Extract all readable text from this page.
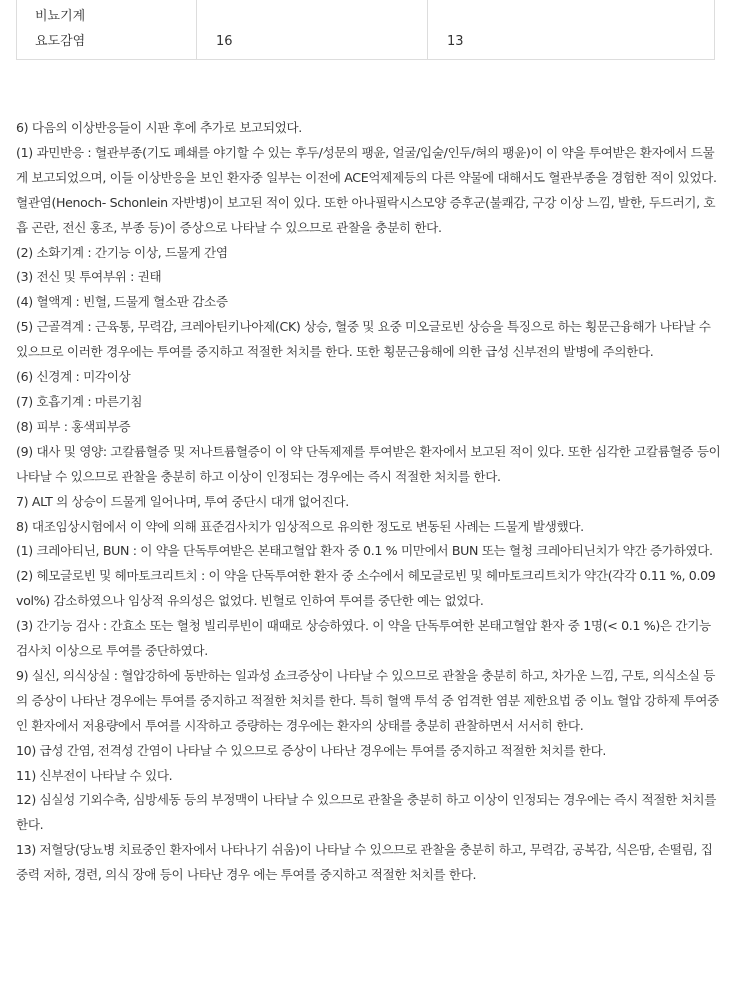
비뇨기계
요도감염	16	13

6) 다음의 이상반응들이 시판 후에 추가로 보고되었다.

(1) 과민반응 : 혈관부종(기도 폐쇄를 야기할 수 있는 후두/성문의 팽윤, 얼굴/입술/인두/혀의 팽윤)이 이 약을 투여받은 환자에서 드물게 보고되었으며, 이들 이상반응을 보인 환자중 일부는 이전에 ACE억제제등의 다른 약물에 대해서도 혈관부종을 경험한 적이 있었다. 혈관염(Henoch- Schonlein 자반병)이 보고된 적이 있다. 또한 아나필락시스모양 증후군(불쾌감, 구강 이상 느낌, 발한, 두드러기, 호흡 곤란, 전신 홍조, 부종 등)이 증상으로 나타날 수 있으므로 관찰을 충분히 한다.

(2) 소화기계 : 간기능 이상, 드물게 간염

(3) 전신 및 투여부위 : 권태

(4) 혈액계 : 빈혈, 드물게 혈소판 감소증

(5) 근골격계 : 근육통, 무력감, 크레아틴키나아제(CK) 상승, 혈중 및 요중 미오글로빈 상승을 특징으로 하는 횡문근융해가 나타날 수 있으므로 이러한 경우에는 투여를 중지하고 적절한 처치를 한다. 또한 횡문근융해에 의한 급성 신부전의 발병에 주의한다.

(6) 신경계 : 미각이상

(7) 호흡기계 : 마른기침

(8) 피부 : 홍색피부증

(9) 대사 및 영양: 고칼륨혈증 및 저나트륨혈증이 이 약 단독제제를 투여받은 환자에서 보고된 적이 있다. 또한 심각한 고칼륨혈증 등이 나타날 수 있으므로 관찰을 충분히 하고 이상이 인정되는 경우에는 즉시 적절한 처치를 한다.

7) ALT 의 상승이 드물게 일어나며, 투여 중단시 대개 없어진다.

8) 대조임상시험에서 이 약에 의해 표준검사치가 임상적으로 유의한 정도로 변동된 사례는 드물게 발생했다.

(1) 크레아티닌, BUN : 이 약을 단독투여받은 본태고혈압 환자 중 0.1 % 미만에서 BUN 또는 혈청 크레아티닌치가 약간 증가하였다.

(2) 헤모글로빈 및 헤마토크리트치 : 이 약을 단독투여한 환자 중 소수에서 헤모글로빈 및 헤마토크리트치가 약간(각각 0.11 %, 0.09 vol%) 감소하였으나 임상적 유의성은 없었다. 빈혈로 인하여 투여를 중단한 예는 없었다.

(3) 간기능 검사 : 간효소 또는 혈청 빌리루빈이 때때로 상승하였다. 이 약을 단독투여한 본태고혈압 환자 중 1명(< 0.1 %)은 간기능 검사치 이상으로 투여를 중단하였다.

9) 실신, 의식상실 : 혈압강하에 동반하는 일과성 쇼크증상이 나타날 수 있으므로 관찰을 충분히 하고, 차가운 느낌, 구토, 의식소실 등의 증상이 나타난 경우에는 투여를 중지하고 적절한 처치를 한다. 특히 혈액 투석 중 엄격한 염분 제한요법 중 이뇨 혈압 강하제 투여중인 환자에서 저용량에서 투여를 시작하고 증량하는 경우에는 환자의 상태를 충분히 관찰하면서 서서히 한다.

10) 급성 간염, 전격성 간염이 나타날 수 있으므로 증상이 나타난 경우에는 투여를 중지하고 적절한 처치를 한다.

11) 신부전이 나타날 수 있다.

12) 심실성 기외수축, 심방세동 등의 부정맥이 나타날 수 있으므로 관찰을 충분히 하고 이상이 인정되는 경우에는 즉시 적절한 처치를 한다.

13) 저혈당(당뇨병 치료중인 환자에서 나타나기 쉬움)이 나타날 수 있으므로 관찰을 충분히 하고, 무력감, 공복감, 식은땀, 손떨림, 집중력 저하, 경련, 의식 장애 등이 나타난 경우 에는 투여를 중지하고 적절한 처치를 한다.
